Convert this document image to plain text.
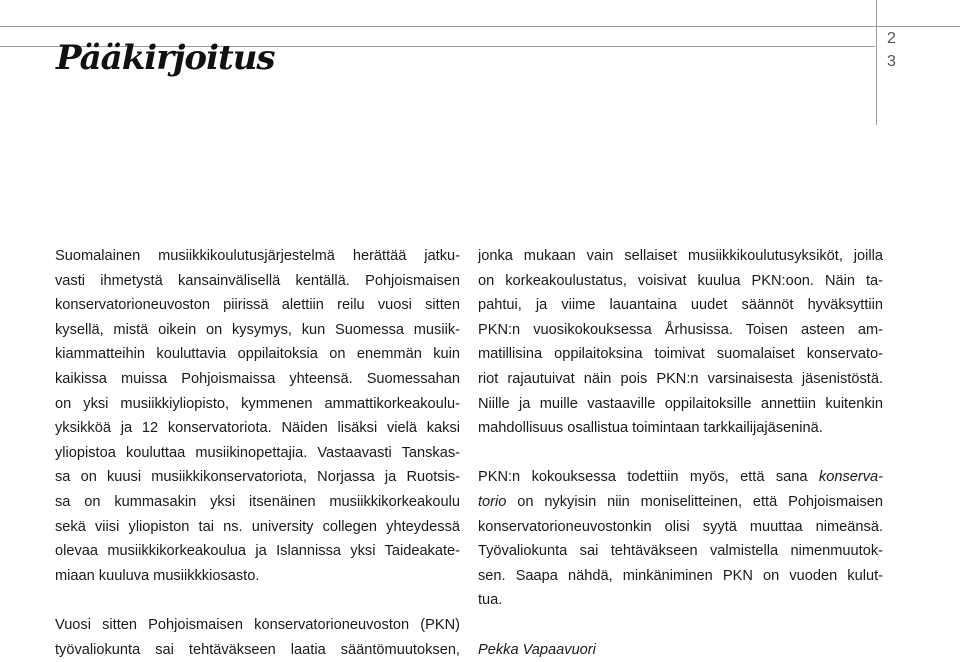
2
3
Pääkirjoitus

Suomalainen musiikkikoulutusjärjestelmä herättää jatku-
vasti ihmetystä kansainvälisellä kentällä. Pohjoismaisen
konservatorioneuvoston piirissä alettiin reilu vuosi sitten
kysellä, mistä oikein on kysymys, kun Suomessa musiik-
kiammatteihin kouluttavia oppilaitoksia on enemmän kuin
kaikissa muissa Pohjoismaissa yhteensä. Suomessahan
on yksi musiikkiyliopisto, kymmenen ammattikorkeakoulu-
yksikköä ja 12 konservatoriota. Näiden lisäksi vielä kaksi
yliopistoa kouluttaa musiikinopettajia. Vastaavasti Tanskas-
sa on kuusi musiikkikonservatoriota, Norjassa ja Ruotsis-
sa on kummasakin yksi itsenäinen musiikkikorkeakoulu
sekä viisi yliopiston tai ns. university collegen yhteydessä
olevaa musiikkikorkeakoulua ja Islannissa yksi Taideakate-
miaan kuuluva musiikkkiosasto.

Vuosi sitten Pohjoismaisen konservatorioneuvoston (PKN)
työvaliokunta sai tehtäväkseen laatia sääntömuutoksen,

jonka mukaan vain sellaiset musiikkikoulutusyksiköt, joilla
on korkeakoulustatus, voisivat kuulua PKN:oon. Näin ta-
pahtui, ja viime lauantaina uudet säännöt hyväksyttiin
PKN:n vuosikokouksessa Århusissa. Toisen asteen am-
matillisina oppilaitoksina toimivat suomalaiset konservato-
riot rajautuivat näin pois PKN:n varsinaisesta jäsenistöstä.
Niille ja muille vastaaville oppilaitoksille annettiin kuitenkin
mahdollisuus osallistua toimintaan tarkkailijajäseninä.

PKN:n kokouksessa todettiin myös, että sana konserva-
torio on nykyisin niin moniselitteinen, että Pohjoismaisen
konservatorioneuvostonkin olisi syytä muuttaa nimeänsä.
Työvaliokunta sai tehtäväkseen valmistella nimenmuutok-
sen. Saapa nähdä, minkäniminen PKN on vuoden kulut-
tua.

Pekka Vapaavuori
